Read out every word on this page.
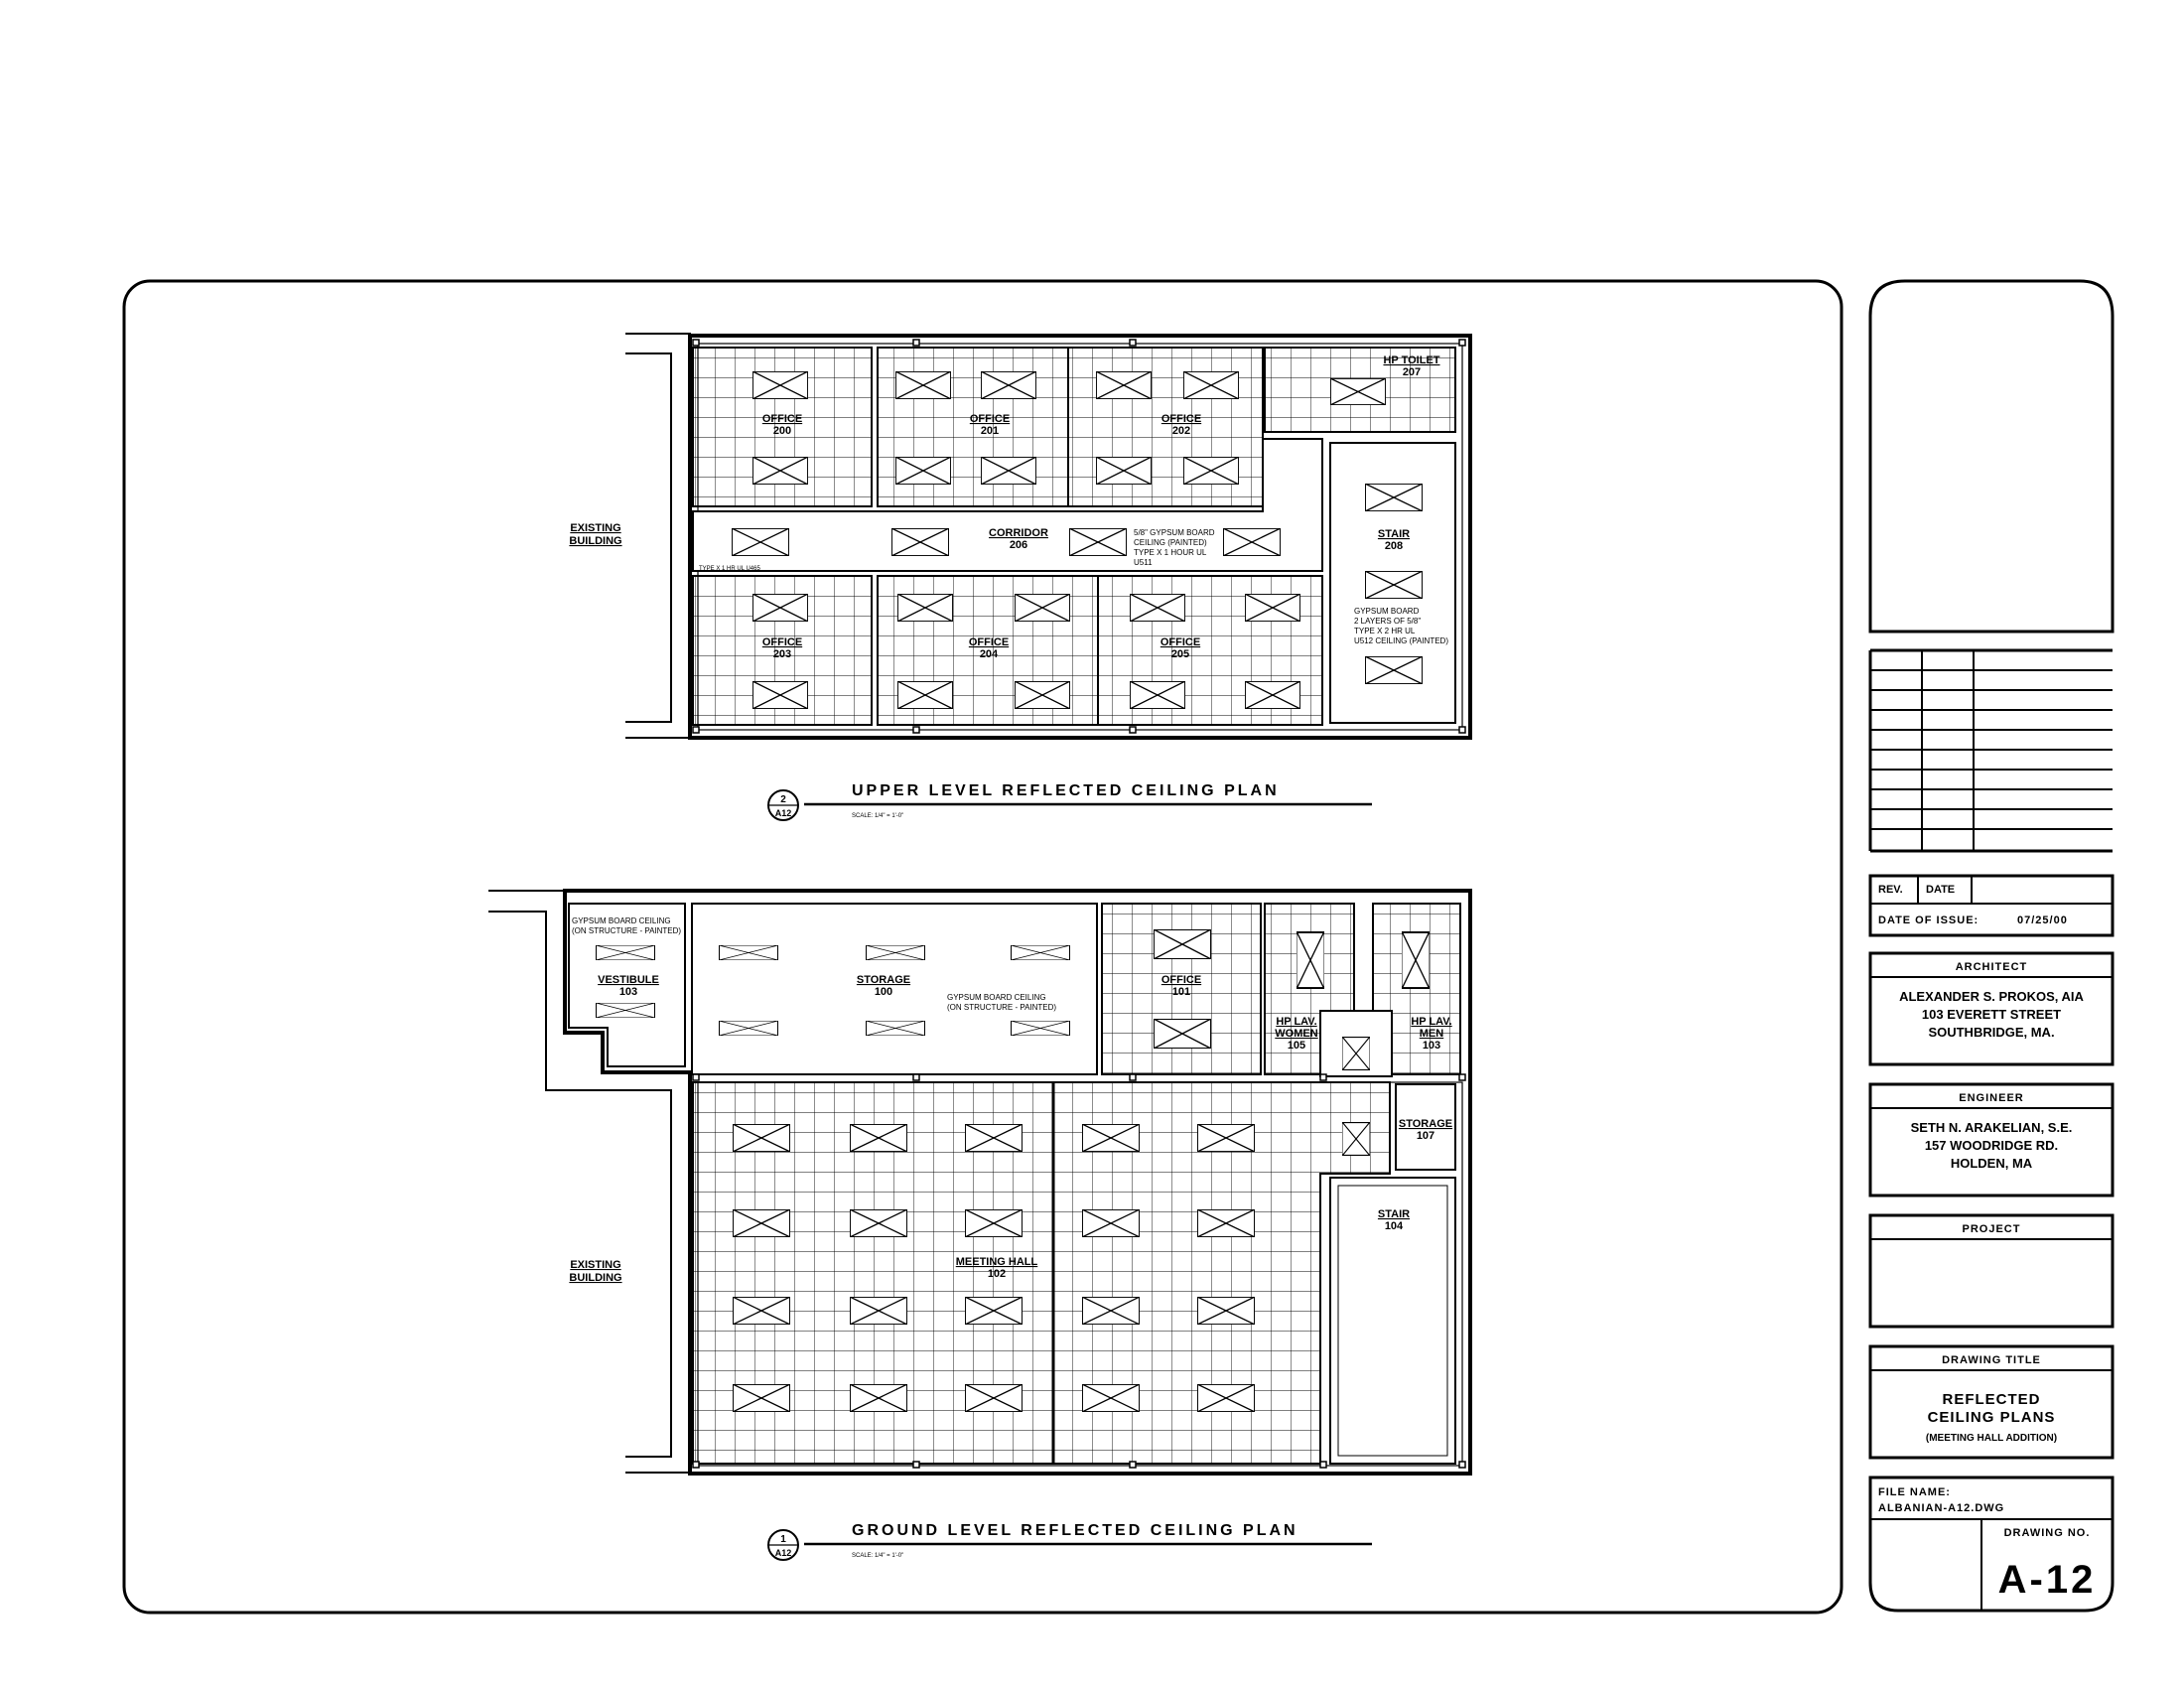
EXISTING
BUILDING
OFFICE
200
OFFICE
201
OFFICE
202
HP TOILET
207
CORRIDOR
206
STAIR
208
OFFICE
203
OFFICE
204
OFFICE
205
5/8" GYPSUM BOARD
CEILING (PAINTED)
TYPE X 1 HOUR UL
U511
GYPSUM BOARD
2 LAYERS OF 5/8"
TYPE X 2 HR UL
U512 CEILING (PAINTED)
TYPE X 1 HR UL U465
2
A12
UPPER LEVEL REFLECTED CEILING PLAN
SCALE: 1/4" = 1'-0"
EXISTING
BUILDING
VESTIBULE
103
STORAGE
100
OFFICE
101
HP LAV.
WOMEN
105
HP LAV.
MEN
103
STORAGE
107
STAIR
104
MEETING HALL
102
GYPSUM BOARD CEILING
(ON STRUCTURE - PAINTED)
GYPSUM BOARD CEILING
(ON STRUCTURE - PAINTED)
1
A12
GROUND LEVEL REFLECTED CEILING PLAN
SCALE: 1/4" = 1'-0"
REV. DATE
DATE OF ISSUE:	07/25/00
ARCHITECT
ALEXANDER S. PROKOS, AIA
103 EVERETT STREET
SOUTHBRIDGE, MA.
ENGINEER
SETH N. ARAKELIAN, S.E.
157 WOODRIDGE RD.
HOLDEN, MA
PROJECT
DRAWING TITLE
REFLECTED
CEILING PLANS
(MEETING HALL ADDITION)
FILE NAME:
ALBANIAN-A12.DWG
DRAWING NO.
A-12
